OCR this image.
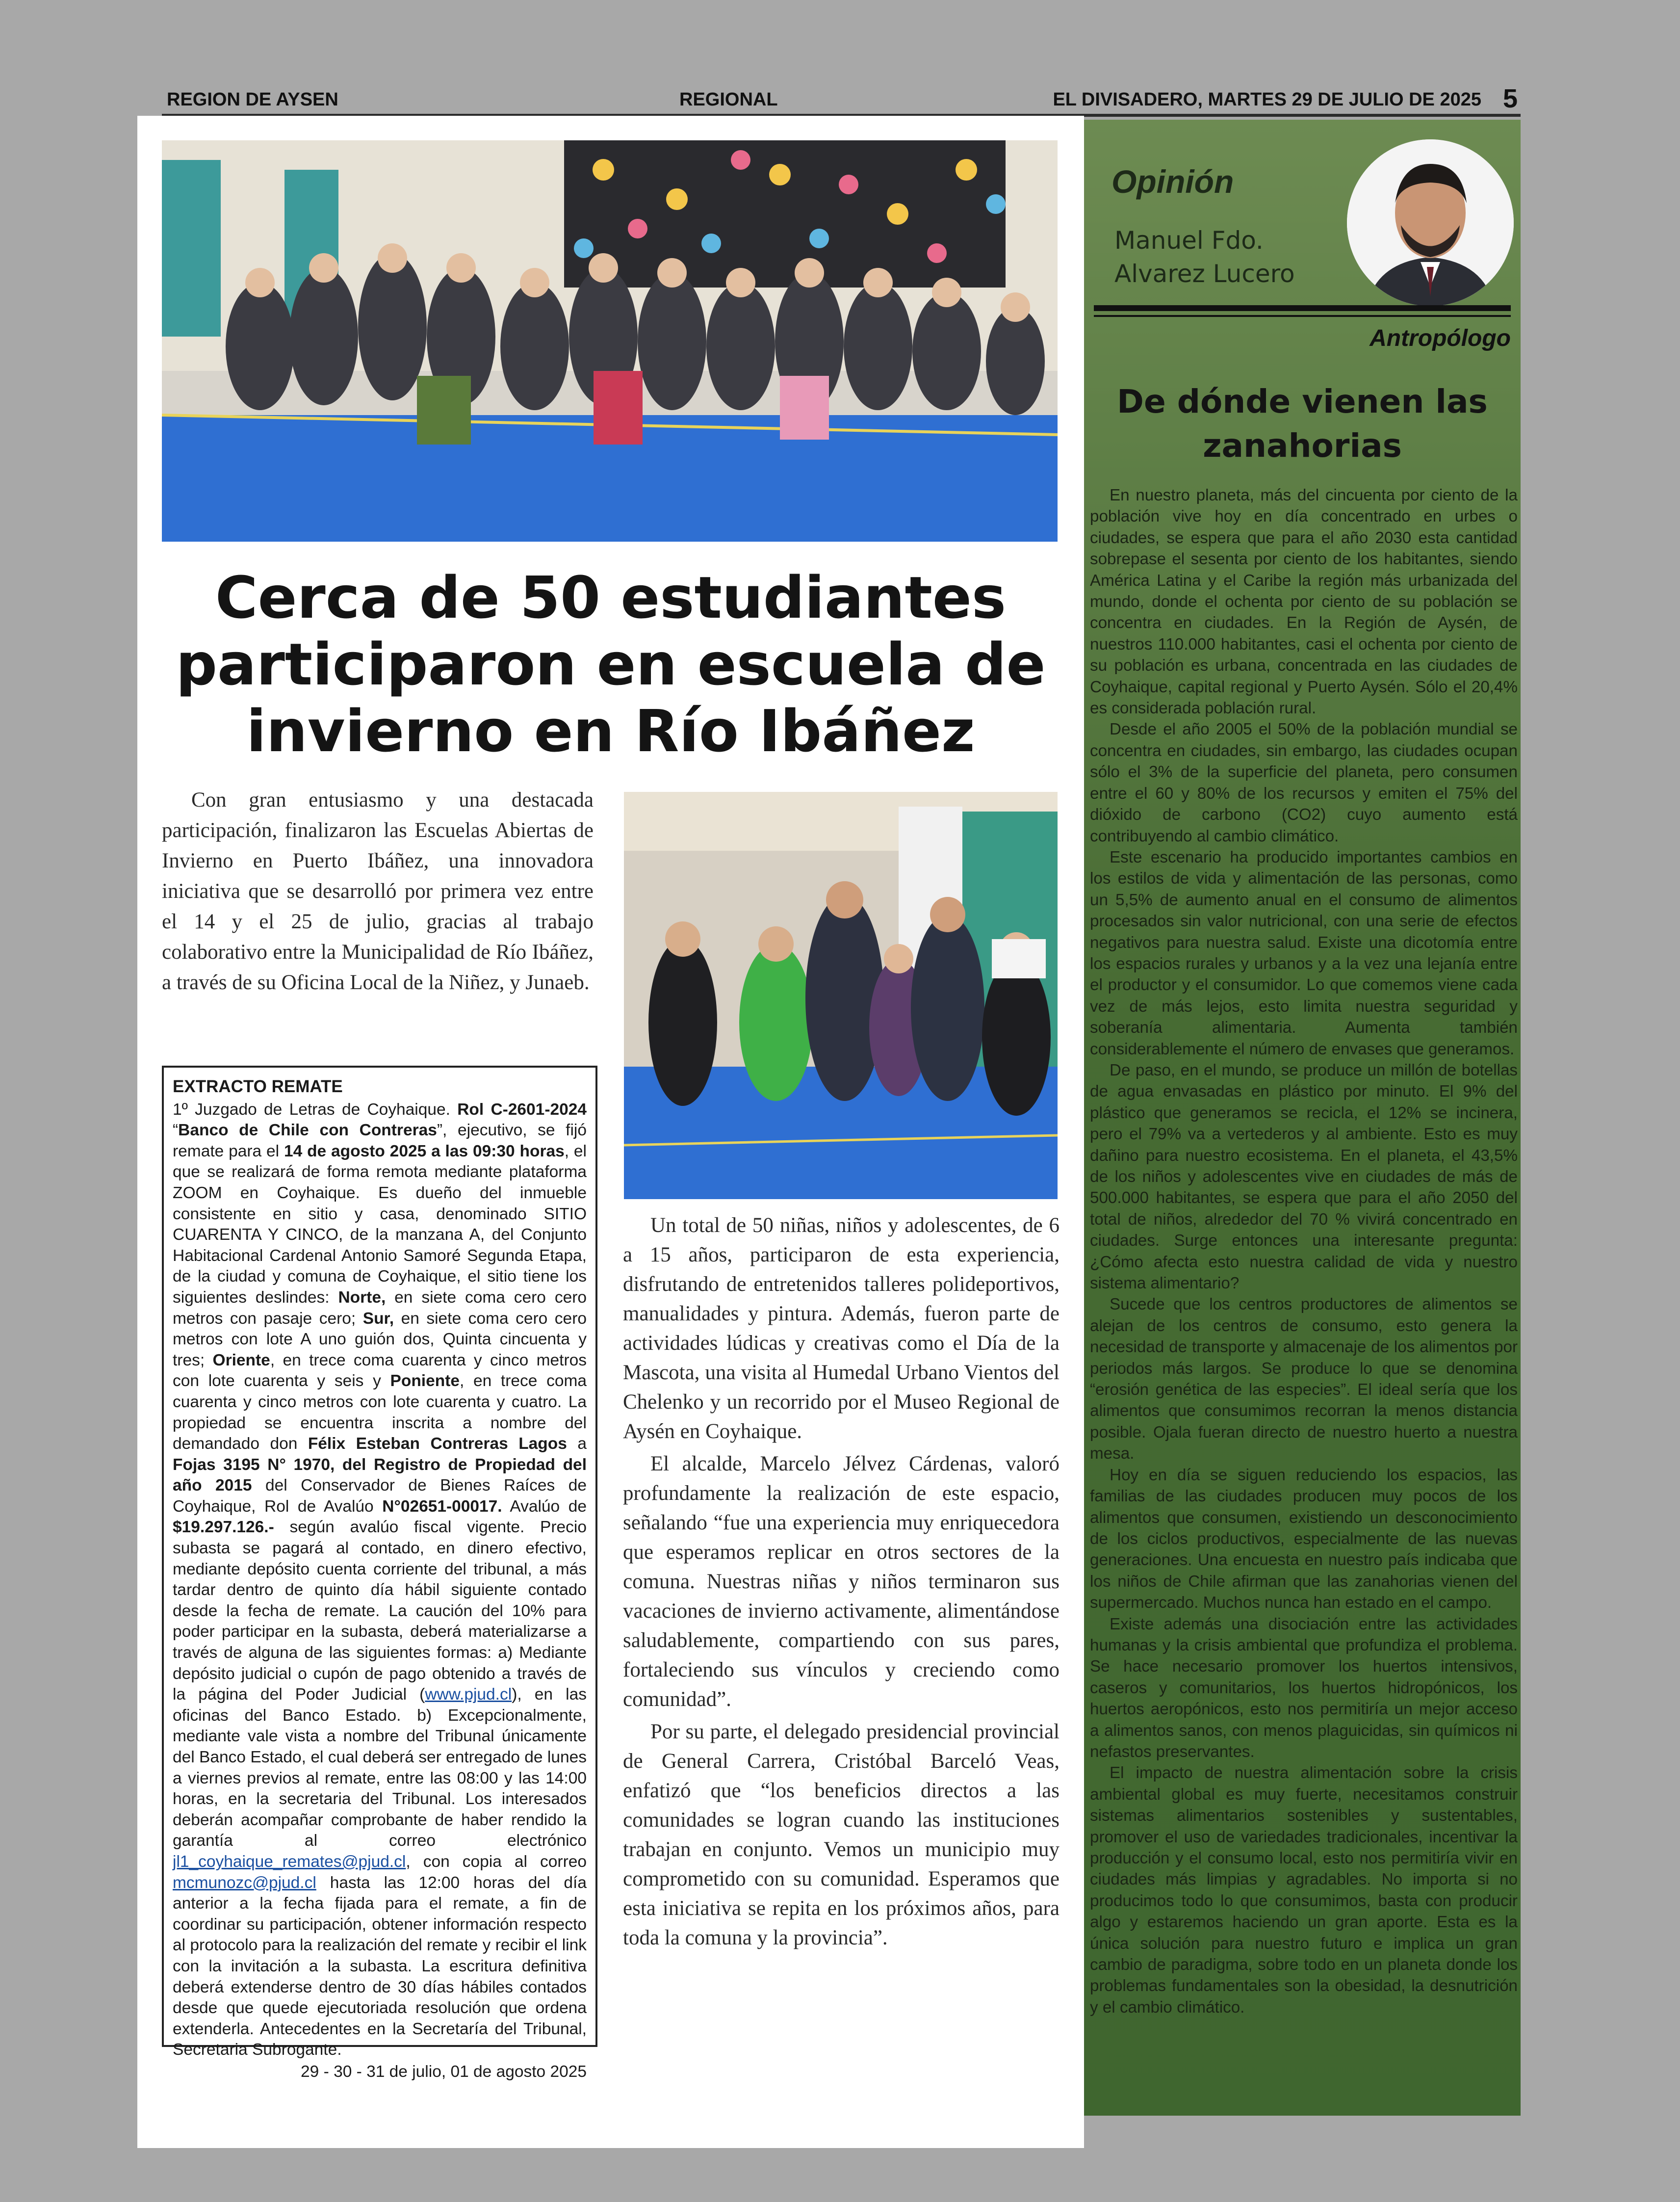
REGION DE AYSEN	REGIONAL	EL DIVISADERO, MARTES 29 DE JULIO DE 2025 5
Cerca de 50 estudiantes participaron en escuela de invierno en Río Ibáñez

Con gran entusiasmo y una destacada participación, finalizaron las Escuelas Abiertas de Invierno en Puerto Ibáñez, una innovadora iniciativa que se desarrolló por primera vez entre el 14 y el 25 de julio, gracias al trabajo colaborativo entre la Municipalidad de Río Ibáñez, a través de su Oficina Local de la Niñez, y Junaeb.

Un total de 50 niñas, niños y adolescentes, de 6 a 15 años, participaron de esta experiencia, disfrutando de entretenidos talleres polideportivos, manualidades y pintura. Además, fueron parte de actividades lúdicas y creativas como el Día de la Mascota, una visita al Humedal Urbano Vientos del Chelenko y un recorrido por el Museo Regional de Aysén en Coyhaique.

El alcalde, Marcelo Jélvez Cárdenas, valoró profundamente la realización de este espacio, señalando “fue una experiencia muy enriquecedora que esperamos replicar en otros sectores de la comuna. Nuestras niñas y niños terminaron sus vacaciones de invierno activamente, alimentándose saludablemente, compartiendo con sus pares, fortaleciendo sus vínculos y creciendo como comunidad”.

Por su parte, el delegado presidencial provincial de General Carrera, Cristóbal Barceló Veas, enfatizó que “los beneficios directos a las comunidades se logran cuando las instituciones trabajan en conjunto. Vemos un municipio muy comprometido con su comunidad. Esperamos que esta iniciativa se repita en los próximos años, para toda la comuna y la provincia”.

EXTRACTO REMATE
1º Juzgado de Letras de Coyhaique. Rol C-2601-2024 “Banco de Chile con Contreras”, ejecutivo, se fijó remate para el 14 de agosto 2025 a las 09:30 horas, el que se realizará de forma remota mediante plataforma ZOOM en Coyhaique. Es dueño del inmueble consistente en sitio y casa, denominado SITIO CUARENTA Y CINCO, de la manzana A, del Conjunto Habitacional Cardenal Antonio Samoré Segunda Etapa, de la ciudad y comuna de Coyhaique, el sitio tiene los siguientes deslindes: Norte, en siete coma cero cero metros con pasaje cero; Sur, en siete coma cero cero metros con lote A uno guión dos, Quinta cincuenta y tres; Oriente, en trece coma cuarenta y cinco metros con lote cuarenta y seis y Poniente, en trece coma cuarenta y cinco metros con lote cuarenta y cuatro. La propiedad se encuentra inscrita a nombre del demandado don Félix Esteban Contreras Lagos a Fojas 3195 N° 1970, del Registro de Propiedad del año 2015 del Conservador de Bienes Raíces de Coyhaique, Rol de Avalúo N°02651-00017. Avalúo de $19.297.126.- según avalúo fiscal vigente. Precio subasta se pagará al contado, en dinero efectivo, mediante depósito cuenta corriente del tribunal, a más tardar dentro de quinto día hábil siguiente contado desde la fecha de remate. La caución del 10% para poder participar en la subasta, deberá materializarse a través de alguna de las siguientes formas: a) Mediante depósito judicial o cupón de pago obtenido a través de la página del Poder Judicial (www.pjud.cl), en las oficinas del Banco Estado. b) Excepcionalmente, mediante vale vista a nombre del Tribunal únicamente del Banco Estado, el cual deberá ser entregado de lunes a viernes previos al remate, entre las 08:00 y las 14:00 horas, en la secretaria del Tribunal. Los interesados deberán acompañar comprobante de haber rendido la garantía al correo electrónico jl1_coyhaique_remates@pjud.cl, con copia al correo mcmunozc@pjud.cl hasta las 12:00 horas del día anterior a la fecha fijada para el remate, a fin de coordinar su participación, obtener información respecto al protocolo para la realización del remate y recibir el link con la invitación a la subasta. La escritura definitiva deberá extenderse dentro de 30 días hábiles contados desde que quede ejecutoriada resolución que ordena extenderla. Antecedentes en la Secretaría del Tribunal, Secretaria Subrogante.
29 - 30 - 31 de julio, 01 de agosto 2025
Opinión
Manuel Fdo.
Alvarez Lucero
Antropólogo
De dónde vienen las zanahorias

En nuestro planeta, más del cincuenta por ciento de la población vive hoy en día concentrado en urbes o ciudades, se espera que para el año 2030 esta cantidad sobrepase el sesenta por ciento de los habitantes, siendo América Latina y el Caribe la región más urbanizada del mundo, donde el ochenta por ciento de su población se concentra en ciudades. En la Región de Aysén, de nuestros 110.000 habitantes, casi el ochenta por ciento de su población es urbana, concentrada en las ciudades de Coyhaique, capital regional y Puerto Aysén. Sólo el 20,4% es considerada población rural.

Desde el año 2005 el 50% de la población mundial se concentra en ciudades, sin embargo, las ciudades ocupan sólo el 3% de la superficie del planeta, pero consumen entre el 60 y 80% de los recursos y emiten el 75% del dióxido de carbono (CO2) cuyo aumento está contribuyendo al cambio climático.

Este escenario ha producido importantes cambios en los estilos de vida y alimentación de las personas, como un 5,5% de aumento anual en el consumo de alimentos procesados sin valor nutricional, con una serie de efectos negativos para nuestra salud. Existe una dicotomía entre los espacios rurales y urbanos y a la vez una lejanía entre el productor y el consumidor. Lo que comemos viene cada vez de más lejos, esto limita nuestra seguridad y soberanía alimentaria. Aumenta también considerablemente el número de envases que generamos.

De paso, en el mundo, se produce un millón de botellas de agua envasadas en plástico por minuto. El 9% del plástico que generamos se recicla, el 12% se incinera, pero el 79% va a vertederos y al ambiente. Esto es muy dañino para nuestro ecosistema. En el planeta, el 43,5% de los niños y adolescentes vive en ciudades de más de 500.000 habitantes, se espera que para el año 2050 del total de niños, alrededor del 70 % vivirá concentrado en ciudades. Surge entonces una interesante pregunta: ¿Cómo afecta esto nuestra calidad de vida y nuestro sistema alimentario?

Sucede que los centros productores de alimentos se alejan de los centros de consumo, esto genera la necesidad de transporte y almacenaje de los alimentos por periodos más largos. Se produce lo que se denomina “erosión genética de las especies”. El ideal sería que los alimentos que consumimos recorran la menos distancia posible. Ojala fueran directo de nuestro huerto a nuestra mesa.

Hoy en día se siguen reduciendo los espacios, las familias de las ciudades producen muy pocos de los alimentos que consumen, existiendo un desconocimiento de los ciclos productivos, especialmente de las nuevas generaciones. Una encuesta en nuestro país indicaba que los niños de Chile afirman que las zanahorias vienen del supermercado. Muchos nunca han estado en el campo.

Existe además una disociación entre las actividades humanas y la crisis ambiental que profundiza el problema. Se hace necesario promover los huertos intensivos, caseros y comunitarios, los huertos hidropónicos, los huertos aeropónicos, esto nos permitiría un mejor acceso a alimentos sanos, con menos plaguicidas, sin químicos ni nefastos preservantes.

El impacto de nuestra alimentación sobre la crisis ambiental global es muy fuerte, necesitamos construir sistemas alimentarios sostenibles y sustentables, promover el uso de variedades tradicionales, incentivar la producción y el consumo local, esto nos permitiría vivir en ciudades más limpias y agradables. No importa si no producimos todo lo que consumimos, basta con producir algo y estaremos haciendo un gran aporte. Esta es la única solución para nuestro futuro e implica un gran cambio de paradigma, sobre todo en un planeta donde los problemas fundamentales son la obesidad, la desnutrición y el cambio climático.
